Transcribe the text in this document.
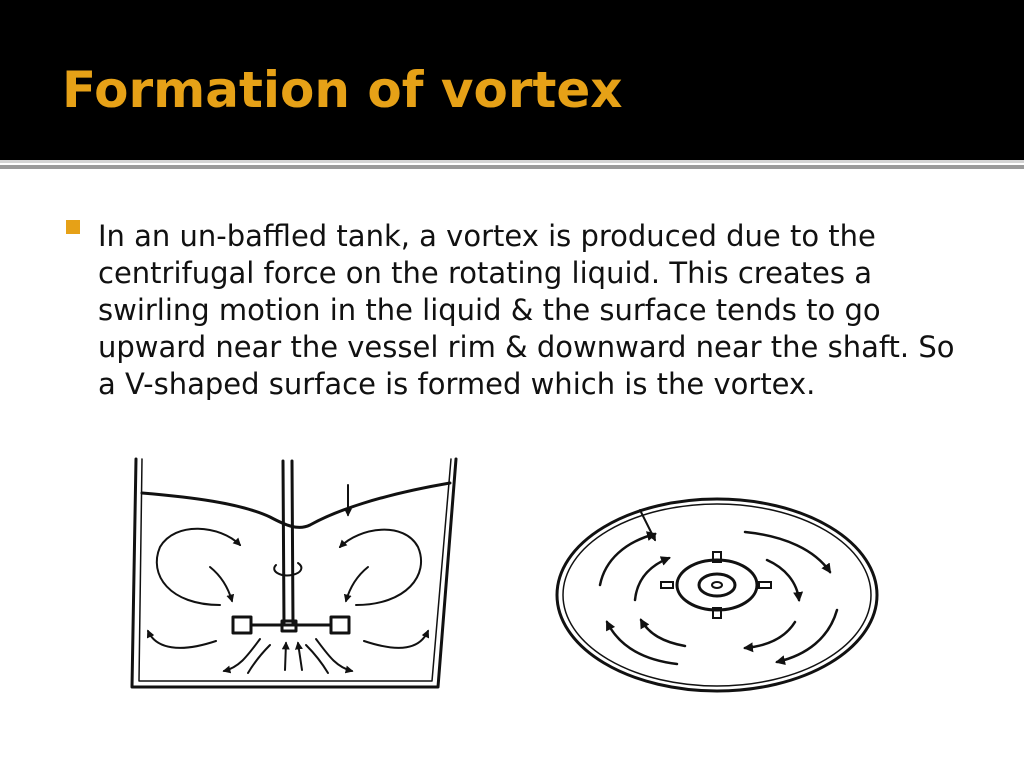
Formation of vortex

In an un-baffled tank, a vortex is produced due to the centrifugal force on the rotating liquid. This creates a swirling motion in the liquid & the surface tends to go upward near the vessel rim & downward near the shaft. So a V-shaped surface is formed which is the vortex.
